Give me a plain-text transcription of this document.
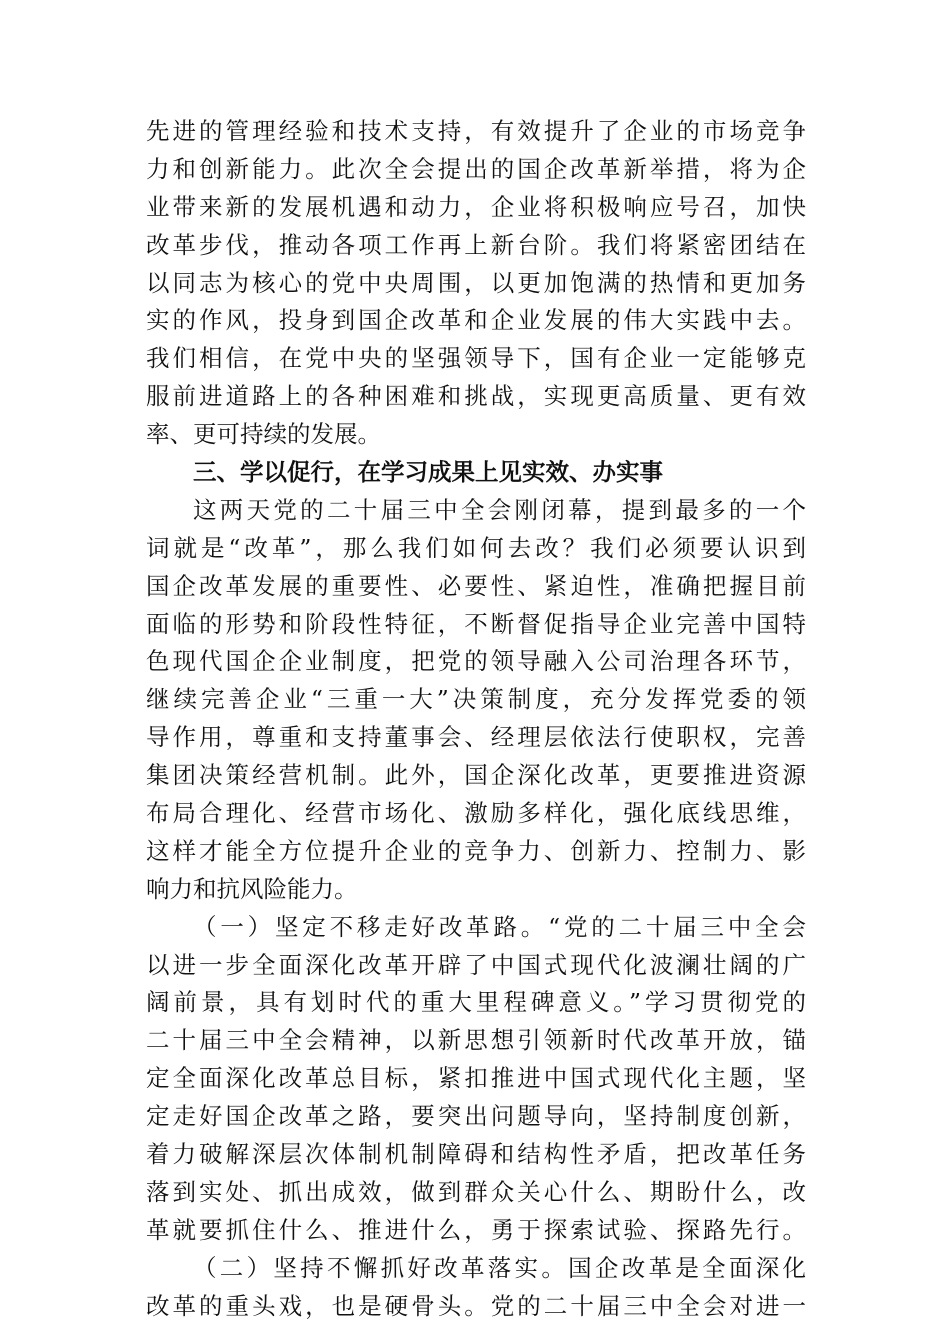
先进的管理经验和技术支持，有效提升了企业的市场竞争
力和创新能力。此次全会提出的国企改革新举措，将为企
业带来新的发展机遇和动力，企业将积极响应号召，加快
改革步伐，推动各项工作再上新台阶。我们将紧密团结在
以同志为核心的党中央周围，以更加饱满的热情和更加务
实的作风，投身到国企改革和企业发展的伟大实践中去。
我们相信，在党中央的坚强领导下，国有企业一定能够克
服前进道路上的各种困难和挑战，实现更高质量、更有效
率、更可持续的发展。
三、学以促行，在学习成果上见实效、办实事
这两天党的二十届三中全会刚闭幕，提到最多的一个
词就是“改革”，那么我们如何去改？我们必须要认识到
国企改革发展的重要性、必要性、紧迫性，准确把握目前
面临的形势和阶段性特征，不断督促指导企业完善中国特
色现代国企企业制度，把党的领导融入公司治理各环节，
继续完善企业“三重一大”决策制度，充分发挥党委的领
导作用，尊重和支持董事会、经理层依法行使职权，完善
集团决策经营机制。此外，国企深化改革，更要推进资源
布局合理化、经营市场化、激励多样化，强化底线思维，
这样才能全方位提升企业的竞争力、创新力、控制力、影
响力和抗风险能力。
（一）坚定不移走好改革路。“党的二十届三中全会
以进一步全面深化改革开辟了中国式现代化波澜壮阔的广
阔前景，具有划时代的重大里程碑意义。”学习贯彻党的
二十届三中全会精神，以新思想引领新时代改革开放，锚
定全面深化改革总目标，紧扣推进中国式现代化主题，坚
定走好国企改革之路，要突出问题导向，坚持制度创新，
着力破解深层次体制机制障碍和结构性矛盾，把改革任务
落到实处、抓出成效，做到群众关心什么、期盼什么，改
革就要抓住什么、推进什么，勇于探索试验、探路先行。
（二）坚持不懈抓好改革落实。国企改革是全面深化
改革的重头戏，也是硬骨头。党的二十届三中全会对进一
